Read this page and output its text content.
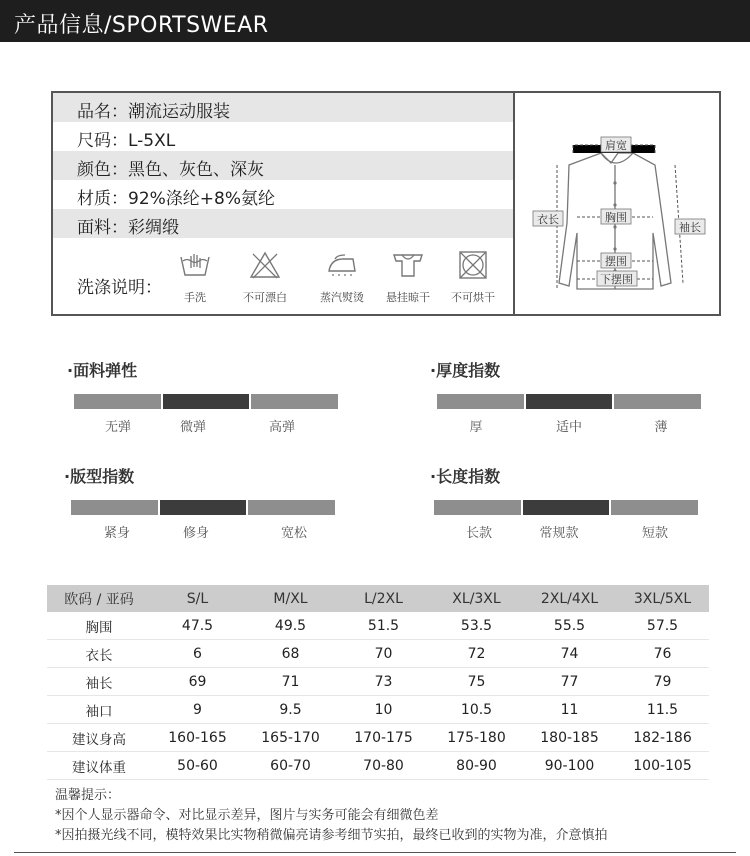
产品信息/SPORTSWEAR
品名：潮流运动服装
尺码：L-5XL
颜色：黑色、灰色、深灰
材质：92%涤纶+8%氨纶
面料：彩绸缎
洗涤说明：	手洗	不可漂白	蒸汽熨烫	悬挂晾干	不可烘干
肩宽
衣长	胸围
袖长
摆围
下摆围
·面料弹性
无弹	微弹	高弹
·厚度指数
厚	适中	薄
·版型指数
紧身	修身	宽松
·长度指数
长款	常规款	短款
欧码 / 亚码	S/L	M/XL	L/2XL	XL/3XL	2XL/4XL	3XL/5XL
胸围	47.5	49.5	51.5	53.5	55.5	57.5
衣长	6	68	70	72	74	76
袖长	69	71	73	75	77	79
袖口	9	9.5	10	10.5	11	11.5
建议身高	160-165	165-170	170-175	175-180	180-185	182-186
建议体重	50-60	60-70	70-80	80-90	90-100	100-105
温馨提示：
*因个人显示器命令、对比显示差异，图片与实务可能会有细微色差
*因拍摄光线不同，模特效果比实物稍微偏亮请参考细节实拍，最终已收到的实物为准，介意慎拍
